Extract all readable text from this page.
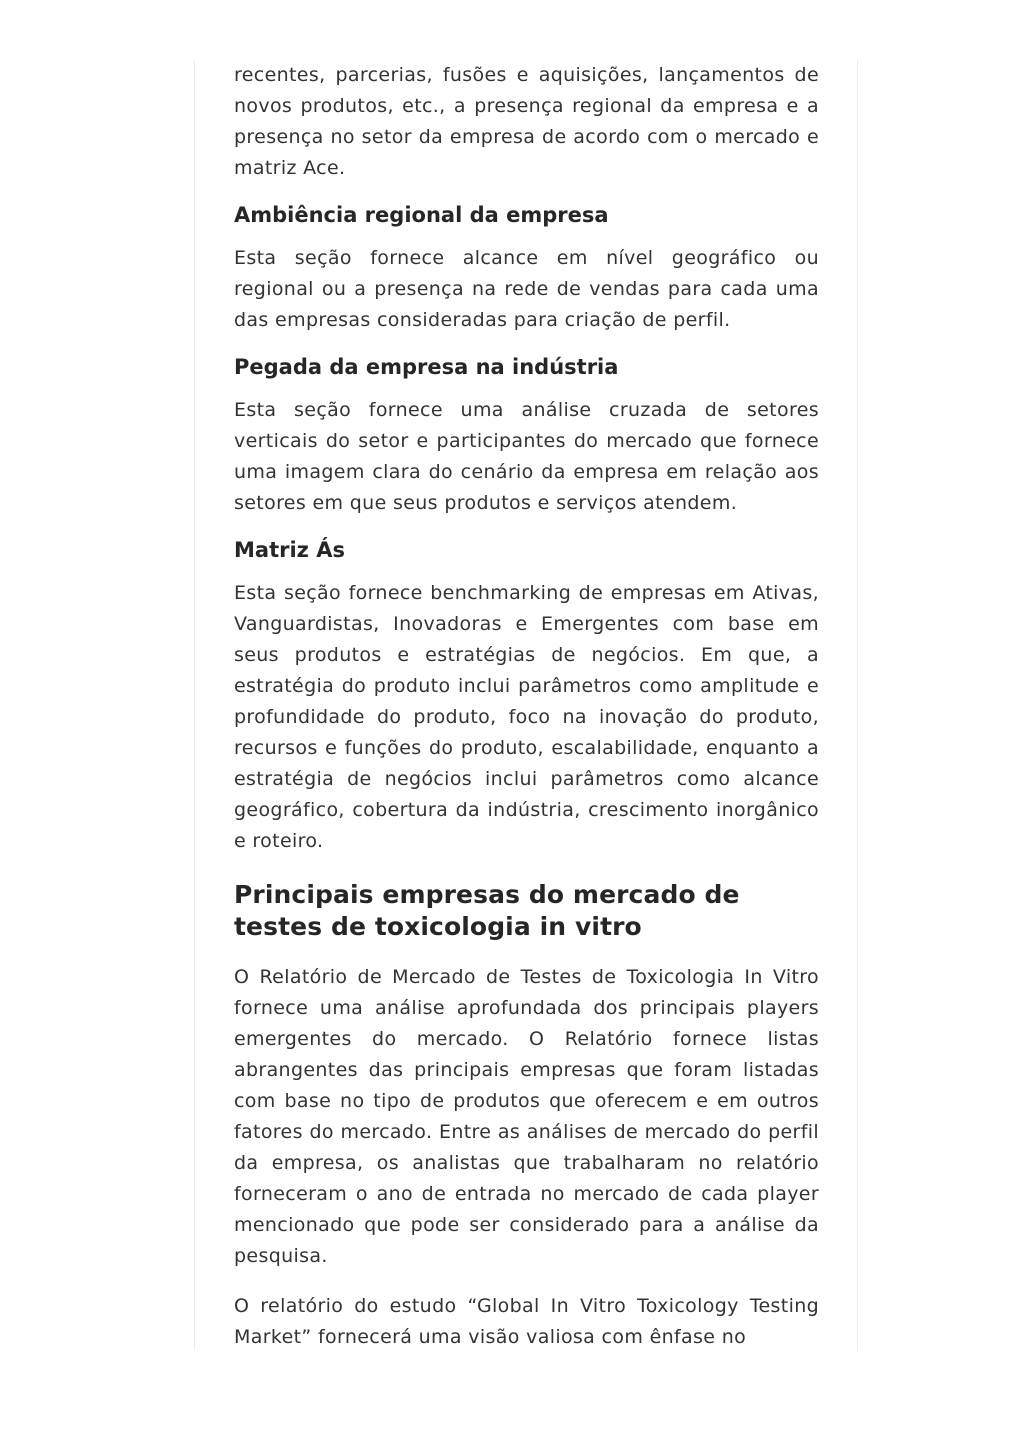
recentes, parcerias, fusões e aquisições, lançamentos de novos produtos, etc., a presença regional da empresa e a presença no setor da empresa de acordo com o mercado e matriz Ace.

Ambiência regional da empresa

Esta seção fornece alcance em nível geográfico ou regional ou a presença na rede de vendas para cada uma das empresas consideradas para criação de perfil.

Pegada da empresa na indústria

Esta seção fornece uma análise cruzada de setores verticais do setor e participantes do mercado que fornece uma imagem clara do cenário da empresa em relação aos setores em que seus produtos e serviços atendem.

Matriz Ás

Esta seção fornece benchmarking de empresas em Ativas, Vanguardistas, Inovadoras e Emergentes com base em seus produtos e estratégias de negócios. Em que, a estratégia do produto inclui parâmetros como amplitude e profundidade do produto, foco na inovação do produto, recursos e funções do produto, escalabilidade, enquanto a estratégia de negócios inclui parâmetros como alcance geográfico, cobertura da indústria, crescimento inorgânico e roteiro.

Principais empresas do mercado de testes de toxicologia in vitro

O Relatório de Mercado de Testes de Toxicologia In Vitro fornece uma análise aprofundada dos principais players emergentes do mercado. O Relatório fornece listas abrangentes das principais empresas que foram listadas com base no tipo de produtos que oferecem e em outros fatores do mercado. Entre as análises de mercado do perfil da empresa, os analistas que trabalharam no relatório forneceram o ano de entrada no mercado de cada player mencionado que pode ser considerado para a análise da pesquisa.

O relatório do estudo “Global In Vitro Toxicology Testing Market” fornecerá uma visão valiosa com ênfase no
